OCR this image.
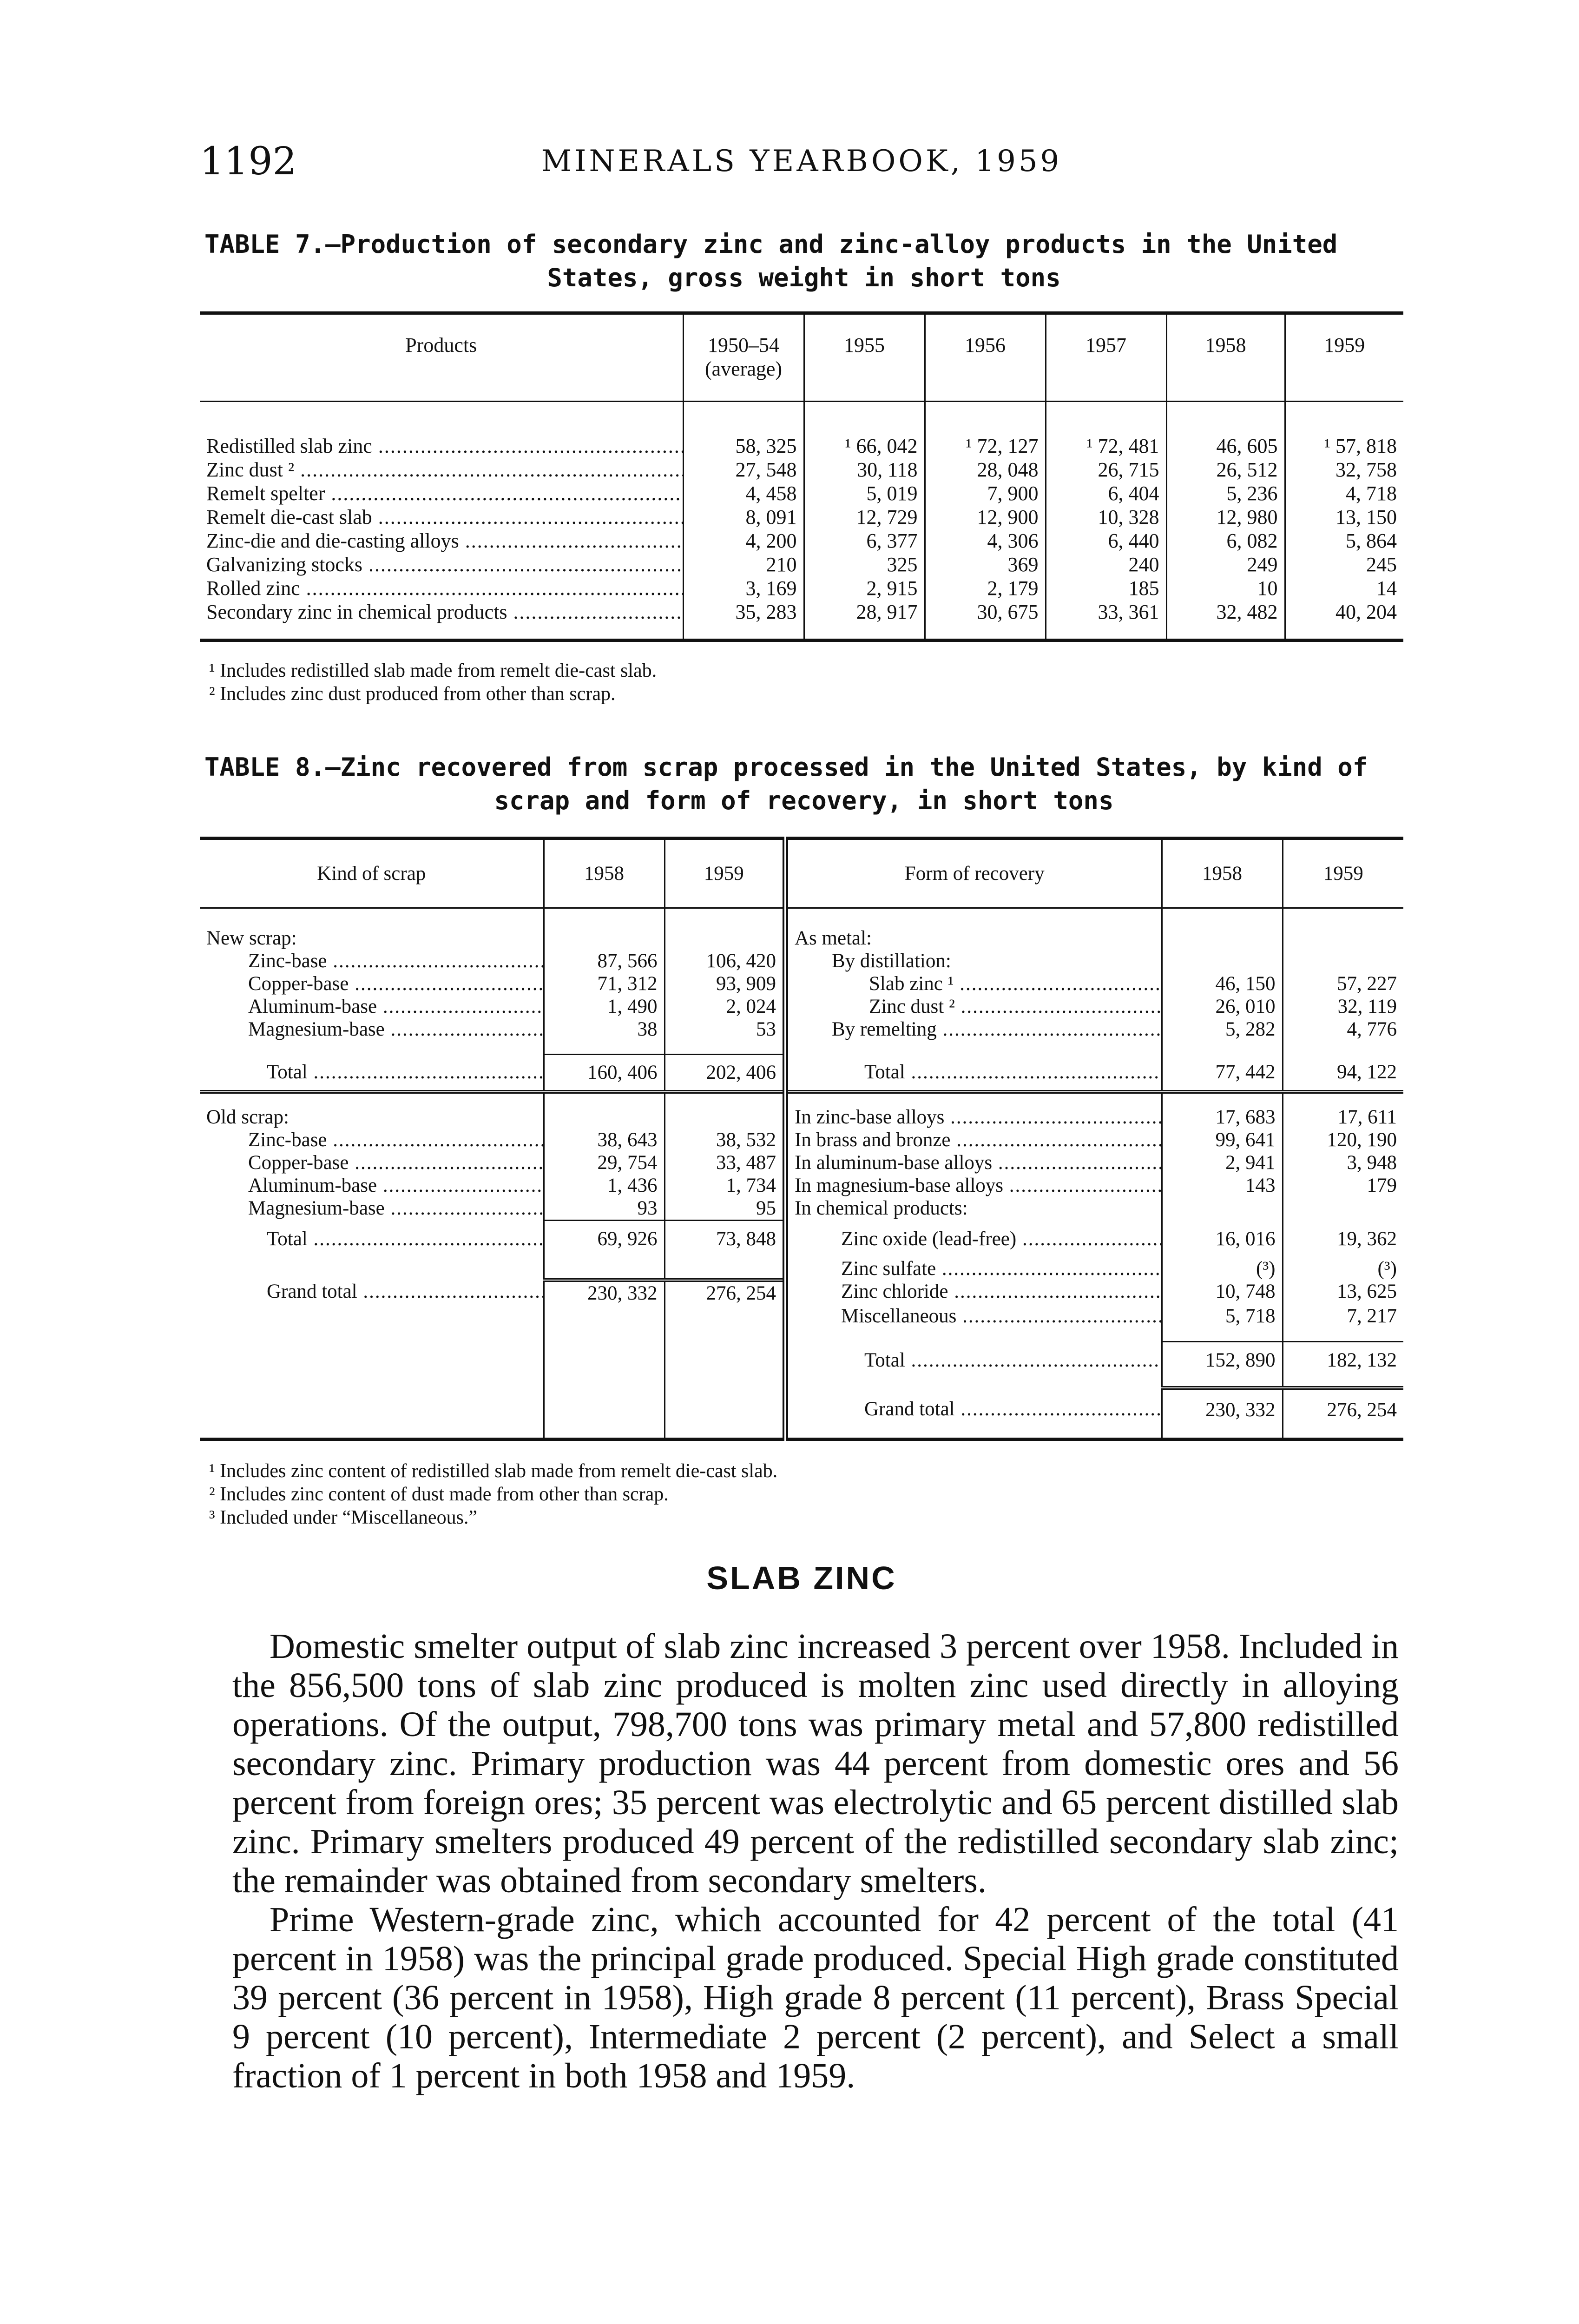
1192	MINERALS YEARBOOK, 1959
TABLE 7.—Production of secondary zinc and zinc-alloy products in the United
States, gross weight in short tons
Products	1950–54 (average)	1955	1956	1957	1958	1959

Redistilled slab zinc .....	58, 325	¹ 66, 042	¹ 72, 127	¹ 72, 481	46, 605	¹ 57, 818
Zinc dust ² .....	27, 548	30, 118	28, 048	26, 715	26, 512	32, 758
Remelt spelter .....	4, 458	5, 019	7, 900	6, 404	5, 236	4, 718
Remelt die-cast slab .....	8, 091	12, 729	12, 900	10, 328	12, 980	13, 150
Zinc-die and die-casting alloys .....	4, 200	6, 377	4, 306	6, 440	6, 082	5, 864
Galvanizing stocks .....	210	325	369	240	249	245
Rolled zinc .....	3, 169	2, 915	2, 179	185	10	14
Secondary zinc in chemical products .....	35, 283	28, 917	30, 675	33, 361	32, 482	40, 204

¹ Includes redistilled slab made from remelt die-cast slab.
² Includes zinc dust produced from other than scrap.
TABLE 8.—Zinc recovered from scrap processed in the United States, by kind of
scrap and form of recovery, in short tons
Kind of scrap	1958	1959	Form of recovery	1958	1959

New scrap:			As metal:		
Zinc-base .....	87, 566	106, 420	By distillation:		
Copper-base .....	71, 312	93, 909	Slab zinc ¹ .....	46, 150	57, 227
Aluminum-base .....	1, 490	2, 024	Zinc dust ² .....	26, 010	32, 119
Magnesium-base .....	38	53	By remelting .....	5, 282	4, 776

Total .....	160, 406	202, 406	Total .....	77, 442	94, 122

Old scrap:			In zinc-base alloys .....	17, 683	17, 611
Zinc-base .....	38, 643	38, 532	In brass and bronze .....	99, 641	120, 190
Copper-base .....	29, 754	33, 487	In aluminum-base alloys .....	2, 941	3, 948
Aluminum-base .....	1, 436	1, 734	In magnesium-base alloys .....	143	179
Magnesium-base .....	93	95	In chemical products:		
Total .....	69, 926	73, 848	Zinc oxide (lead-free) .....	16, 016	19, 362
			Zinc sulfate .....	(³)	(³)
Grand total .....	230, 332	276, 254	Zinc chloride .....	10, 748	13, 625
			Miscellaneous .....	5, 718	7, 217

			Total .....	152, 890	182, 132

			Grand total .....	230, 332	276, 254

¹ Includes zinc content of redistilled slab made from remelt die-cast slab.
² Includes zinc content of dust made from other than scrap.
³ Included under “Miscellaneous.”
SLAB ZINC

Domestic smelter output of slab zinc increased 3 percent over 1958. Included in the 856,500 tons of slab zinc produced is molten zinc used directly in alloying operations. Of the output, 798,700 tons was primary metal and 57,800 redistilled secondary zinc. Primary production was 44 percent from domestic ores and 56 percent from foreign ores; 35 percent was electrolytic and 65 percent distilled slab zinc. Primary smelters produced 49 percent of the redistilled secondary slab zinc; the remainder was obtained from secondary smelters.

Prime Western-grade zinc, which accounted for 42 percent of the total (41 percent in 1958) was the principal grade produced. Special High grade constituted 39 percent (36 percent in 1958), High grade 8 percent (11 percent), Brass Special 9 percent (10 percent), Intermediate 2 percent (2 percent), and Select a small fraction of 1 percent in both 1958 and 1959.
